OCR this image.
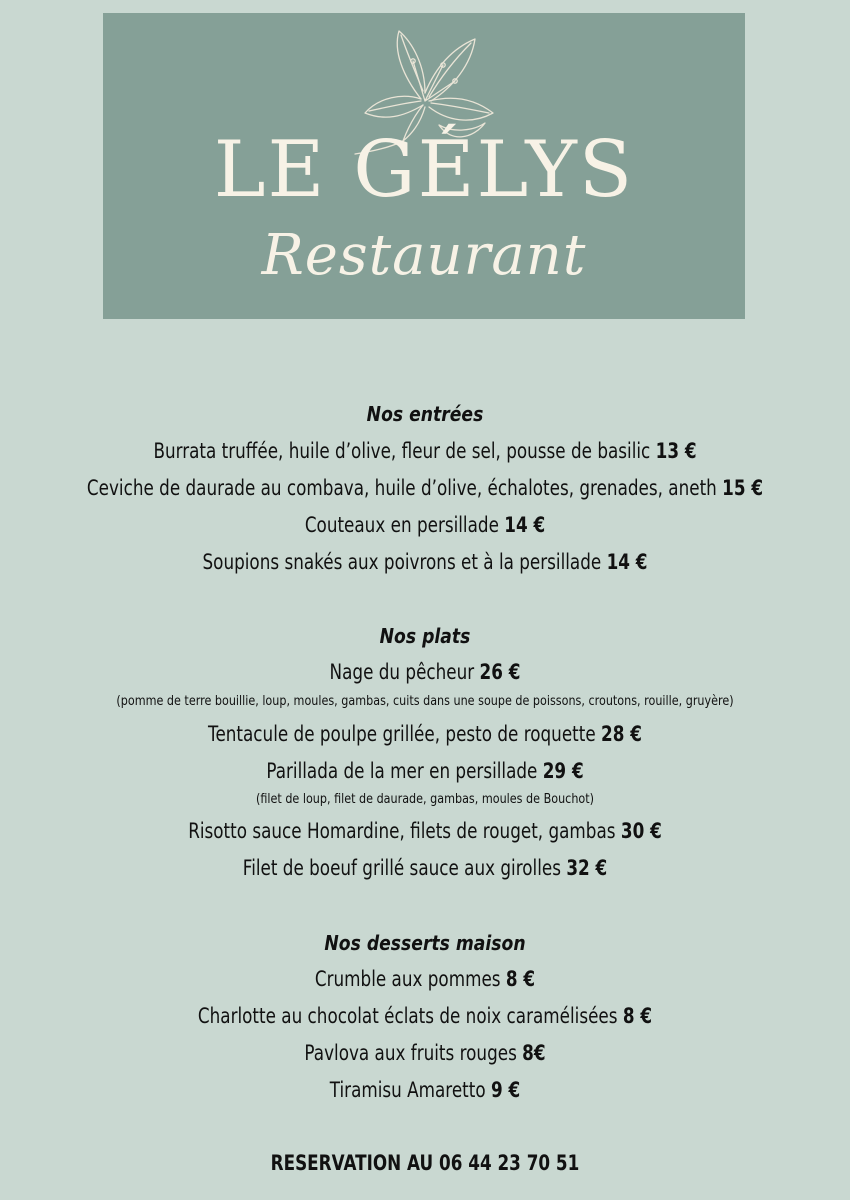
LE GÉLYS
Restaurant
Nos entrées
Burrata truffée, huile d’olive, fleur de sel, pousse de basilic 13 €
Ceviche de daurade au combava, huile d’olive, échalotes, grenades, aneth 15 €
Couteaux en persillade 14 €
Soupions snakés aux poivrons et à la persillade 14 €
Nos plats
Nage du pêcheur 26 €
(pomme de terre bouillie, loup, moules, gambas, cuits dans une soupe de poissons, croutons, rouille, gruyère)
Tentacule de poulpe grillée, pesto de roquette 28 €
Parillada de la mer en persillade 29 €
(filet de loup, filet de daurade, gambas, moules de Bouchot)
Risotto sauce Homardine, filets de rouget, gambas 30 €
Filet de boeuf grillé sauce aux girolles 32 €
Nos desserts maison
Crumble aux pommes 8 €
Charlotte au chocolat éclats de noix caramélisées 8 €
Pavlova aux fruits rouges 8€
Tiramisu Amaretto 9 €
RESERVATION AU 06 44 23 70 51
